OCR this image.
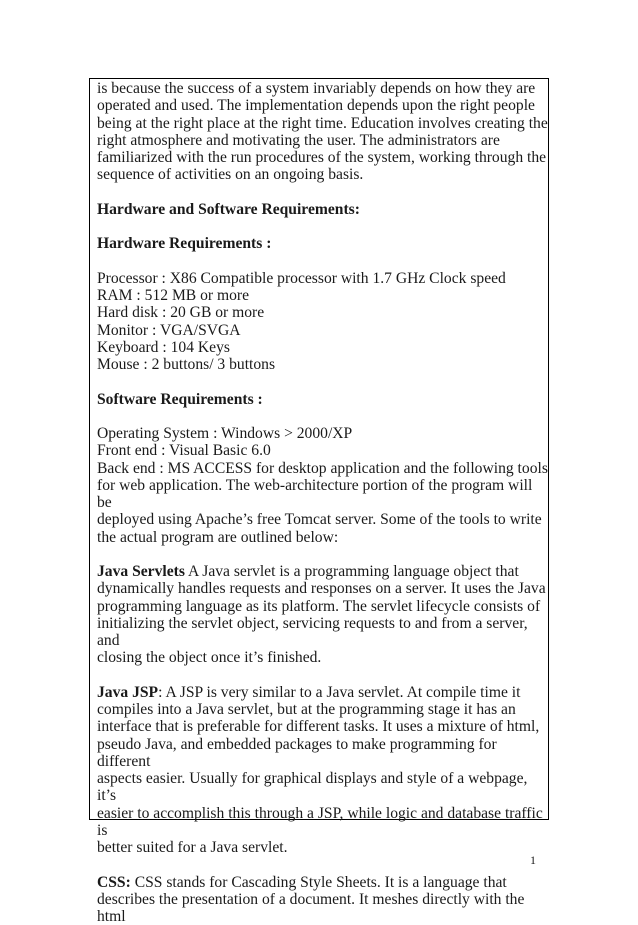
is because the success of a system invariably depends on how they are

operated and used. The implementation depends upon the right people

being at the right place at the right time. Education involves creating the

right atmosphere and motivating the user. The administrators are

familiarized with the run procedures of the system, working through the

sequence of activities on an ongoing basis.

Hardware and Software Requirements:

Hardware Requirements :

Processor : X86 Compatible processor with 1.7 GHz Clock speed

RAM : 512 MB or more

Hard disk : 20 GB or more

Monitor : VGA/SVGA

Keyboard : 104 Keys

Mouse : 2 buttons/ 3 buttons

Software Requirements :

Operating System : Windows > 2000/XP

Front end : Visual Basic 6.0

Back end : MS ACCESS for desktop application and the following tools

for web application. The web-architecture portion of the program will be

deployed using Apache’s free Tomcat server. Some of the tools to write

the actual program are outlined below:

Java Servlets A Java servlet is a programming language object that

dynamically handles requests and responses on a server. It uses the Java

programming language as its platform. The servlet lifecycle consists of

initializing the servlet object, servicing requests to and from a server, and

closing the object once it’s finished.

Java JSP: A JSP is very similar to a Java servlet. At compile time it

compiles into a Java servlet, but at the programming stage it has an

interface that is preferable for different tasks. It uses a mixture of html,

pseudo Java, and embedded packages to make programming for different

aspects easier. Usually for graphical displays and style of a webpage, it’s

easier to accomplish this through a JSP, while logic and database traffic is

better suited for a Java servlet.

CSS: CSS stands for Cascading Style Sheets. It is a language that

describes the presentation of a document. It meshes directly with the html

1
